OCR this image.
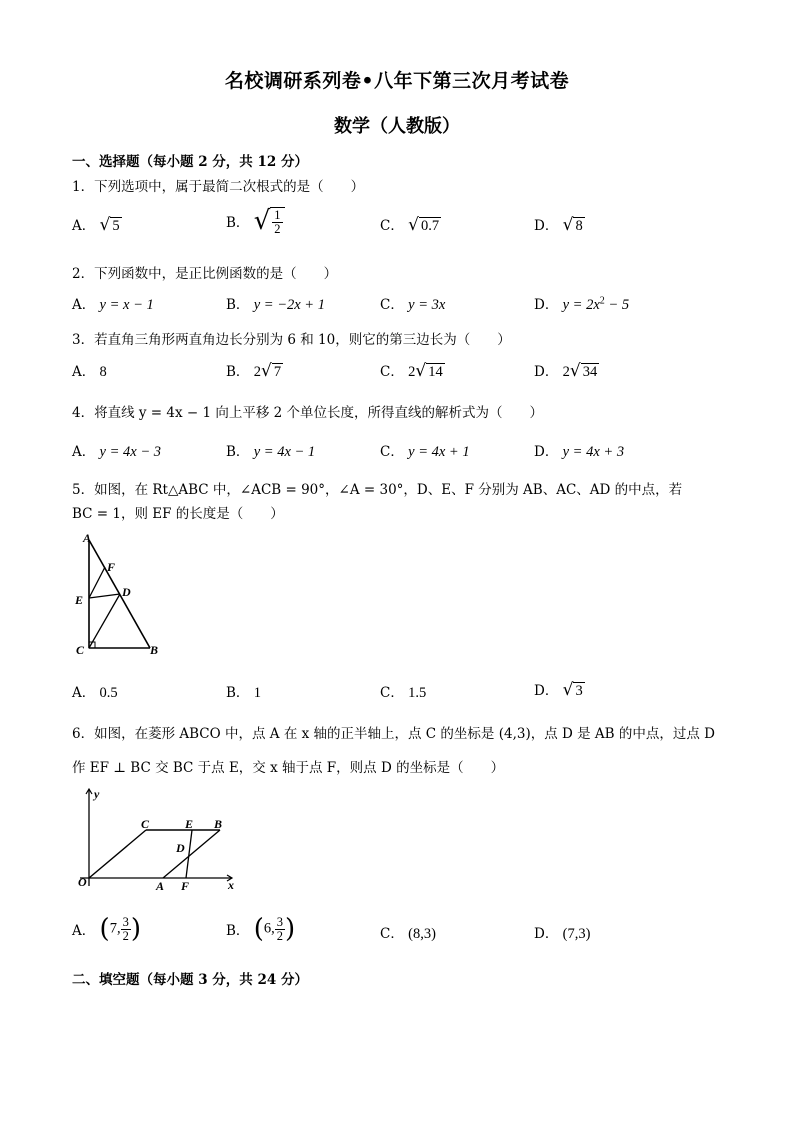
名校调研系列卷•八年下第三次月考试卷
数学（人教版）
一、选择题（每小题 2 分，共 12 分）
1．下列选项中，属于最简二次根式的是（　　）
A． √ 5	B． √ $\frac{1}{2}$	C． √ 0.7	D． √ 8
2．下列函数中，是正比例函数的是（　　）
A． y = x − 1	B． y = −2x + 1	C． y = 3x	D． $y = 2x^2 - 5$
3．若直角三角形两直角边长分别为 6 和 10，则它的第三边长为（　　）
A． 8	B． 2√ 7	C． 2√ 14	D． 2√ 34
4．将直线 y = 4x − 1 向上平移 2 个单位长度，所得直线的解析式为（　　）
A． y = 4x − 3	B． y = 4x − 1	C． y = 4x + 1	D． y = 4x + 3
5．如图，在 Rt△ABC 中，∠ACB = 90°，∠A = 30°，D、E、F 分别为 AB、AC、AD 的中点，若
BC = 1，则 EF 的长度是（　　）
A
F
E
D
C	B
A． 0.5	B． 1	C． 1.5	D． √ 3
6．如图，在菱形 ABCO 中，点 A 在 x 轴的正半轴上，点 C 的坐标是 (4,3)，点 D 是 AB 的中点，过点 D
作 EF ⊥ BC 交 BC 于点 E，交 x 轴于点 F，则点 D 的坐标是（　　）
y
x
O	A F
C	E B
D
A． (7, $\frac{3}{2}$ )	B． (6, $\frac{3}{2}$ )	C． (8,3)	D． (7,3)
二、填空题（每小题 3 分，共 24 分）
